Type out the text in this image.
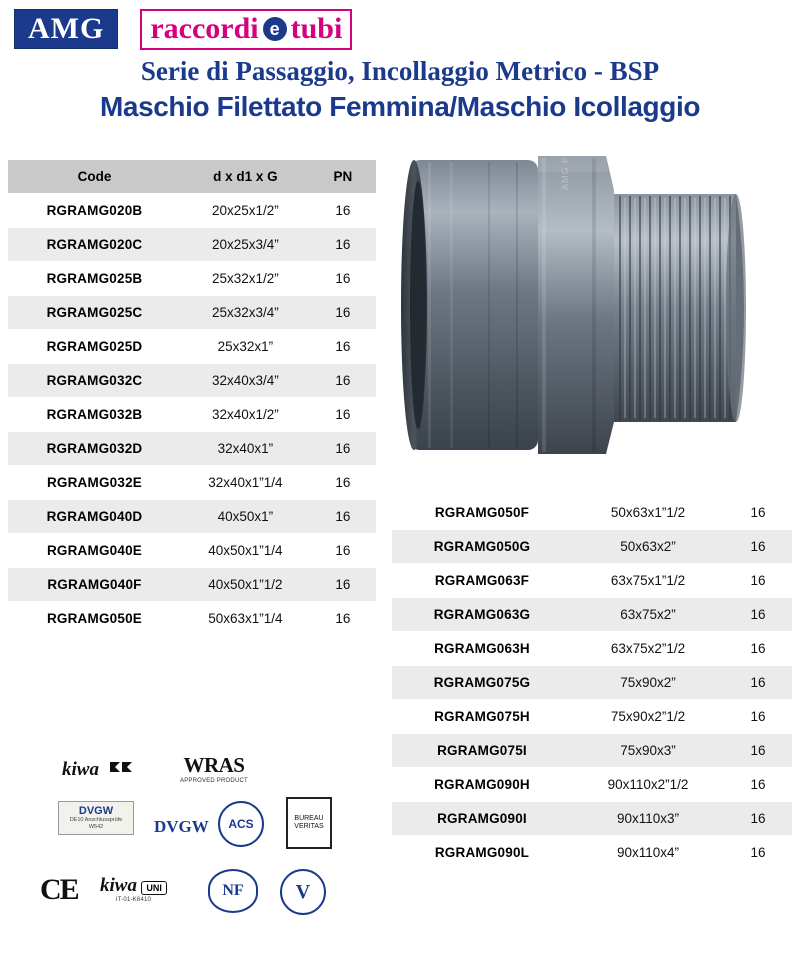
AMG	raccordi e tubi
Serie di Passaggio, Incollaggio Metrico - BSP
Maschio Filettato Femmina/Maschio Icollaggio
Code	d x d1 x G	PN
RGRAMG020B	20x25x1/2”	16
RGRAMG020C	20x25x3/4”	16
RGRAMG025B	25x32x1/2”	16
RGRAMG025C	25x32x3/4”	16
RGRAMG025D	25x32x1”	16
RGRAMG032C	32x40x3/4”	16
RGRAMG032B	32x40x1/2”	16
RGRAMG032D	32x40x1”	16
RGRAMG032E	32x40x1”1/4	16
RGRAMG040D	40x50x1”	16
RGRAMG040E	40x50x1”1/4	16
RGRAMG040F	40x50x1”1/2	16
RGRAMG050E	50x63x1”1/4	16
AMG PN16
Mark
RGRAMG050F	50x63x1”1/2	16
RGRAMG050G	50x63x2”	16
RGRAMG063F	63x75x1”1/2	16
RGRAMG063G	63x75x2”	16
RGRAMG063H	63x75x2”1/2	16
RGRAMG075G	75x90x2”	16
RGRAMG075H	75x90x2”1/2	16
RGRAMG075I	75x90x3”	16
RGRAMG090H	90x110x2”1/2	16
RGRAMG090I	90x110x3”	16
RGRAMG090L	90x110x4”	16
kiwa	WRAS
APPROVED PRODUCT
DVGW
DE10 Anschlussprüfe W542	DVGW ACS	BUREAU VERITAS
CE kiwa UNI
IT-01-K6410
NF	V
